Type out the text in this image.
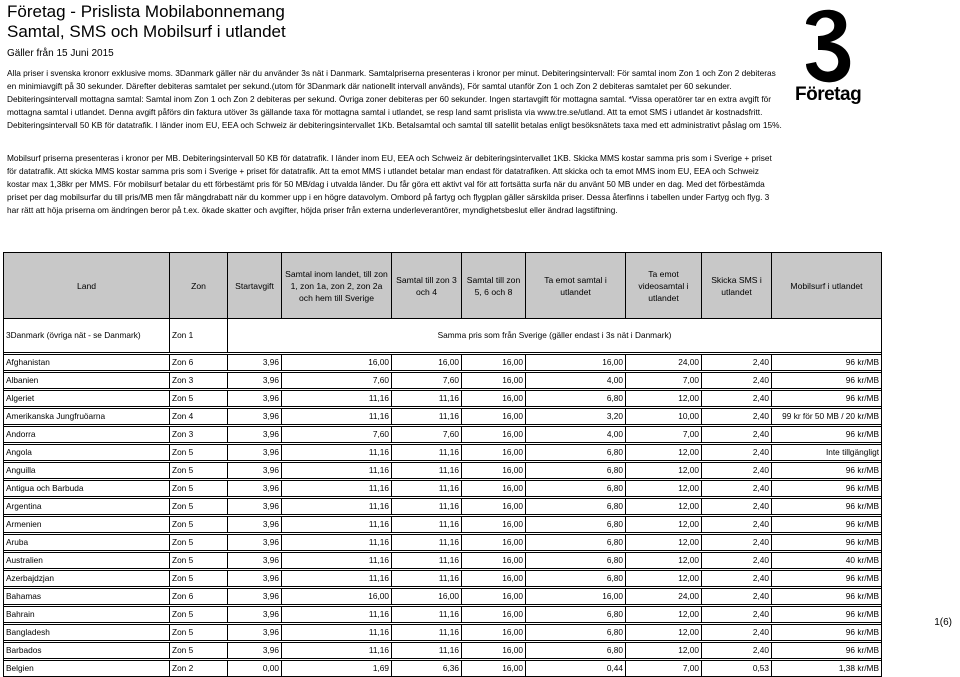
Företag - Prislista Mobilabonnemang
Samtal, SMS och Mobilsurf i utlandet
Gäller från 15 Juni 2015
Företag
Alla priser i svenska kronorr exklusive moms. 3Danmark gäller när du använder 3s nät i Danmark. Samtalpriserna presenteras i kronor per minut. Debiteringsintervall: För samtal inom Zon 1 och Zon 2 debiteras en minimiavgift på 30 sekunder. Därefter debiteras samtalet per sekund.(utom för 3Danmark där nationellt intervall används), För samtal utanför Zon 1 och Zon 2 debiteras samtalet per 60 sekunder. Debiteringsintervall mottagna samtal: Samtal inom Zon 1 och Zon 2 debiteras per sekund. Övriga zoner debiteras per 60 sekunder. Ingen startavgift för mottagna samtal. *Vissa operatörer tar en extra avgift för mottagna samtal i utlandet. Denna avgift påförs din faktura utöver 3s gällande taxa för mottagna samtal i utlandet, se resp land samt prislista via www.tre.se/utland. Att ta emot SMS i utlandet är kostnadsfritt. Debiteringsintervall 50 KB för datatrafik. I länder inom EU, EEA och Schweiz är debiteringsintervallet 1Kb. Betalsamtal och samtal till satellit betalas enligt besöksnätets taxa med ett administrativt påslag om 15%.
Mobilsurf priserna presenteras i kronor per MB. Debiteringsintervall 50 KB för datatrafik. I länder inom EU, EEA och Schweiz är debiteringsintervallet 1KB. Skicka MMS kostar samma pris som i Sverige + priset för datatrafik. Att skicka MMS kostar samma pris som i Sverige + priset för datatrafik. Att ta emot MMS i utlandet betalar man endast för datatrafiken. Att skicka och ta emot MMS inom EU, EEA och Schweiz kostar max 1,38kr per MMS. För mobilsurf betalar du ett förbestämt pris för 50 MB/dag i utvalda länder. Du får göra ett aktivt val för att fortsätta surfa när du använt 50 MB under en dag. Med det förbestämda priset per dag mobilsurfar du till pris/MB men får mängdrabatt när du kommer upp i en högre datavolym. Ombord på fartyg och flygplan gäller särskilda priser. Dessa återfinns i tabellen under Fartyg och flyg. 3 har rätt att höja priserna om ändringen beror på t.ex. ökade skatter och avgifter, höjda priser från externa underleverantörer, myndighetsbeslut eller ändrad lagstiftning.
Land	Zon	Startavgift	Samtal inom landet, till zon 1, zon 1a, zon 2, zon 2a och hem till Sverige	Samtal till zon 3 och 4	Samtal till zon 5, 6 och 8	Ta emot samtal i utlandet	Ta emot videosamtal i utlandet	Skicka SMS i utlandet	Mobilsurf i utlandet
3Danmark (övriga nät - se Danmark)	Zon 1	Samma pris som från Sverige (gäller endast i 3s nät i Danmark)							

Afghanistan	Zon 6	3,96	16,00	16,00	16,00	16,00	24,00	2,40	96 kr/MB

Albanien	Zon 3	3,96	7,60	7,60	16,00	4,00	7,00	2,40	96 kr/MB

Algeriet	Zon 5	3,96	11,16	11,16	16,00	6,80	12,00	2,40	96 kr/MB

Amerikanska Jungfruöarna	Zon 4	3,96	11,16	11,16	16,00	3,20	10,00	2,40	99 kr för 50 MB / 20 kr/MB

Andorra	Zon 3	3,96	7,60	7,60	16,00	4,00	7,00	2,40	96 kr/MB

Angola	Zon 5	3,96	11,16	11,16	16,00	6,80	12,00	2,40	Inte tillgängligt

Anguilla	Zon 5	3,96	11,16	11,16	16,00	6,80	12,00	2,40	96 kr/MB

Antigua och Barbuda	Zon 5	3,96	11,16	11,16	16,00	6,80	12,00	2,40	96 kr/MB

Argentina	Zon 5	3,96	11,16	11,16	16,00	6,80	12,00	2,40	96 kr/MB

Armenien	Zon 5	3,96	11,16	11,16	16,00	6,80	12,00	2,40	96 kr/MB

Aruba	Zon 5	3,96	11,16	11,16	16,00	6,80	12,00	2,40	96 kr/MB

Australien	Zon 5	3,96	11,16	11,16	16,00	6,80	12,00	2,40	40 kr/MB

Azerbajdzjan	Zon 5	3,96	11,16	11,16	16,00	6,80	12,00	2,40	96 kr/MB

Bahamas	Zon 6	3,96	16,00	16,00	16,00	16,00	24,00	2,40	96 kr/MB

Bahrain	Zon 5	3,96	11,16	11,16	16,00	6,80	12,00	2,40	96 kr/MB

Bangladesh	Zon 5	3,96	11,16	11,16	16,00	6,80	12,00	2,40	96 kr/MB

Barbados	Zon 5	3,96	11,16	11,16	16,00	6,80	12,00	2,40	96 kr/MB

Belgien	Zon 2	0,00	1,69	6,36	16,00	0,44	7,00	0,53	1,38 kr/MB
1(6)
